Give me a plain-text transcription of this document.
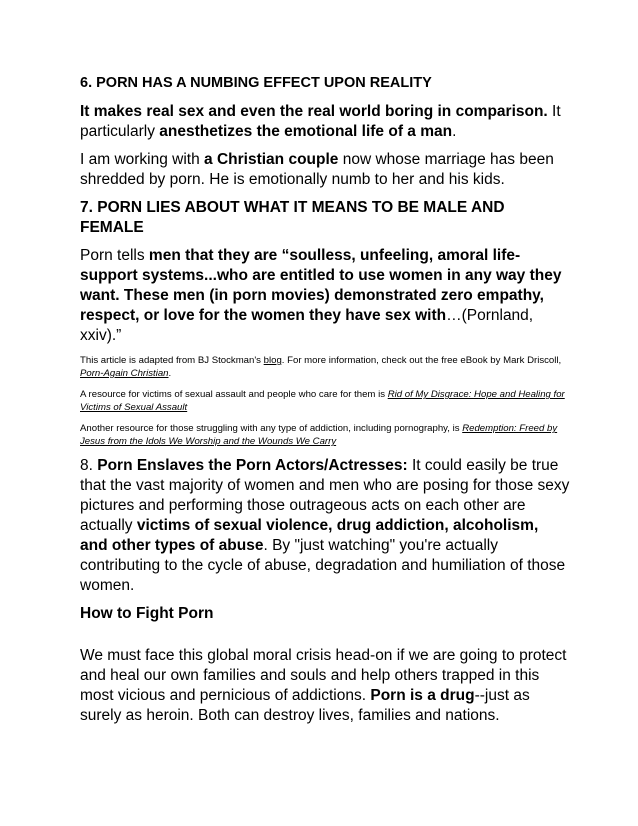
6. PORN HAS A NUMBING EFFECT UPON REALITY

It makes real sex and even the real world boring in comparison. It particularly anesthetizes the emotional life of a man.

I am working with a Christian couple now whose marriage has been shredded by porn. He is emotionally numb to her and his kids.

7. PORN LIES ABOUT WHAT IT MEANS TO BE MALE AND FEMALE

Porn tells men that they are “soulless, unfeeling, amoral life-support systems...who are entitled to use women in any way they want. These men (in porn movies) demonstrated zero empathy, respect, or love for the women they have sex with…(Pornland, xxiv).”

This article is adapted from BJ Stockman's blog. For more information, check out the free eBook by Mark Driscoll, Porn-Again Christian.

A resource for victims of sexual assault and people who care for them is Rid of My Disgrace: Hope and Healing for Victims of Sexual Assault

Another resource for those struggling with any type of addiction, including pornography, is Redemption: Freed by Jesus from the Idols We Worship and the Wounds We Carry

8. Porn Enslaves the Porn Actors/Actresses: It could easily be true that the vast majority of women and men who are posing for those sexy pictures and performing those outrageous acts on each other are actually victims of sexual violence, drug addiction, alcoholism, and other types of abuse. By "just watching" you're actually contributing to the cycle of abuse, degradation and humiliation of those women.

How to Fight Porn

We must face this global moral crisis head-on if we are going to protect and heal our own families and souls and help others trapped in this most vicious and pernicious of addictions. Porn is a drug--just as surely as heroin. Both can destroy lives, families and nations.
